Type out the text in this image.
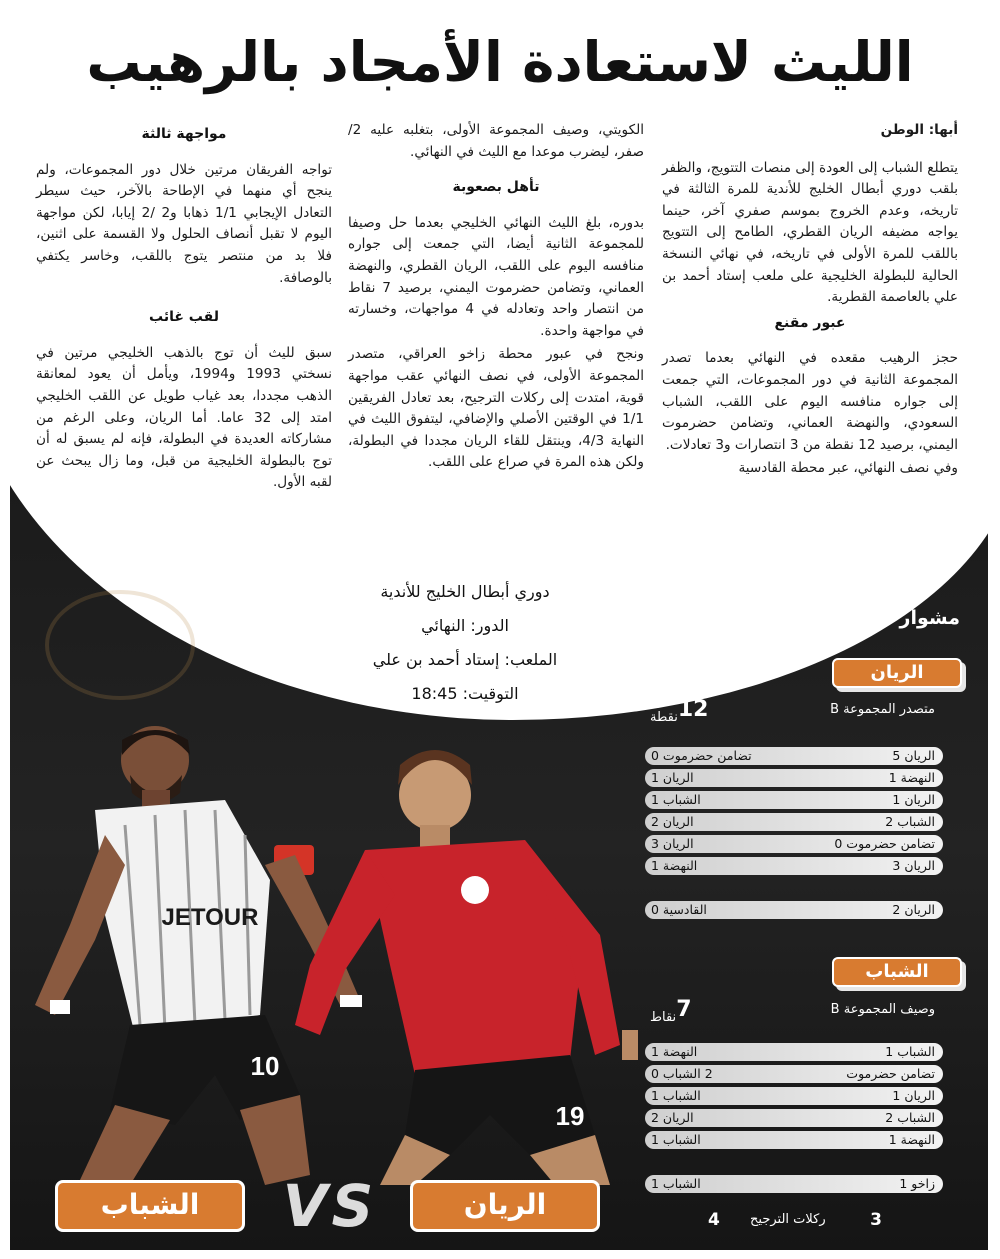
الليث لاستعادة الأمجاد بالرهيب
أبها: الوطن

يتطلع الشباب إلى العودة إلى منصات التتويج، والظفر بلقب دوري أبطال الخليج للأندية للمرة الثالثة في تاريخه، وعدم الخروج بموسم صفري آخر، حينما يواجه مضيفه الريان القطري، الطامح إلى التتويج باللقب للمرة الأولى في تاريخه، في نهائي النسخة الحالية للبطولة الخليجية على ملعب إستاد أحمد بن علي بالعاصمة القطرية.

عبور مقنع

حجز الرهيب مقعده في النهائي بعدما تصدر المجموعة الثانية في دور المجموعات، التي جمعت إلى جواره منافسه اليوم على اللقب، الشباب السعودي، والنهضة العماني، وتضامن حضرموت اليمني، برصيد 12 نقطة من 3 انتصارات و3 تعادلات.

وفي نصف النهائي، عبر محطة القادسية

الكويتي، وصيف المجموعة الأولى، بتغلبه عليه 2/صفر، ليضرب موعدا مع الليث في النهائي.

تأهل بصعوبة

بدوره، بلغ الليث النهائي الخليجي بعدما حل وصيفا للمجموعة الثانية أيضا، التي جمعت إلى جواره منافسه اليوم على اللقب، الريان القطري، والنهضة العماني، وتضامن حضرموت اليمني، برصيد 7 نقاط من انتصار واحد وتعادله في 4 مواجهات، وخسارته في مواجهة واحدة.

ونجح في عبور محطة زاخو العراقي، متصدر المجموعة الأولى، في نصف النهائي عقب مواجهة قوية، امتدت إلى ركلات الترجيح، بعد تعادل الفريقين 1/1 في الوقتين الأصلي والإضافي، ليتفوق الليث في النهاية 4/3، وينتقل للقاء الريان مجددا في البطولة، ولكن هذه المرة في صراع على اللقب.

مواجهة ثالثة

تواجه الفريقان مرتين خلال دور المجموعات، ولم ينجح أي منهما في الإطاحة بالآخر، حيث سيطر التعادل الإيجابي 1/1 ذهابا و2 /2 إيابا، لكن مواجهة اليوم لا تقبل أنصاف الحلول ولا القسمة على اثنين، فلا بد من منتصر يتوج باللقب، وخاسر يكتفي بالوصافة.

لقب غائب

سبق لليث أن توج بالذهب الخليجي مرتين في نسختي 1993 و1994، ويأمل أن يعود لمعانقة الذهب مجددا، بعد غياب طويل عن اللقب الخليجي امتد إلى 32 عاما. أما الريان، وعلى الرغم من مشاركاته العديدة في البطولة، فإنه لم يسبق له أن توج بالبطولة الخليجية من قبل، وما زال يبحث عن لقبه الأول.

دوري أبطال الخليج للأندية
الدور: النهائي
الملعب: إستاد أحمد بن علي
التوقيت: 18:45
JETOUR
10
19
مشوار الفريقين
الريان
متصدر المجموعة B
12نقطة
الريان 5
تضامن حضرموت 0
النهضة 1
الريان 1
الريان 1
الشباب 1
الشباب 2
الريان 2
تضامن حضرموت 0
الريان 3
الريان 3
النهضة 1
الريان 2
القادسية 0
الشباب
وصيف المجموعة B
7نقاط
الشباب 1
النهضة 1
تضامن حضرموت
2 الشباب 0
الريان 1
الشباب 1
الشباب 2
الريان 2
النهضة 1
الشباب 1
زاخو 1
الشباب 1
3
ركلات الترجيح
4
الريان
VS
الشباب
